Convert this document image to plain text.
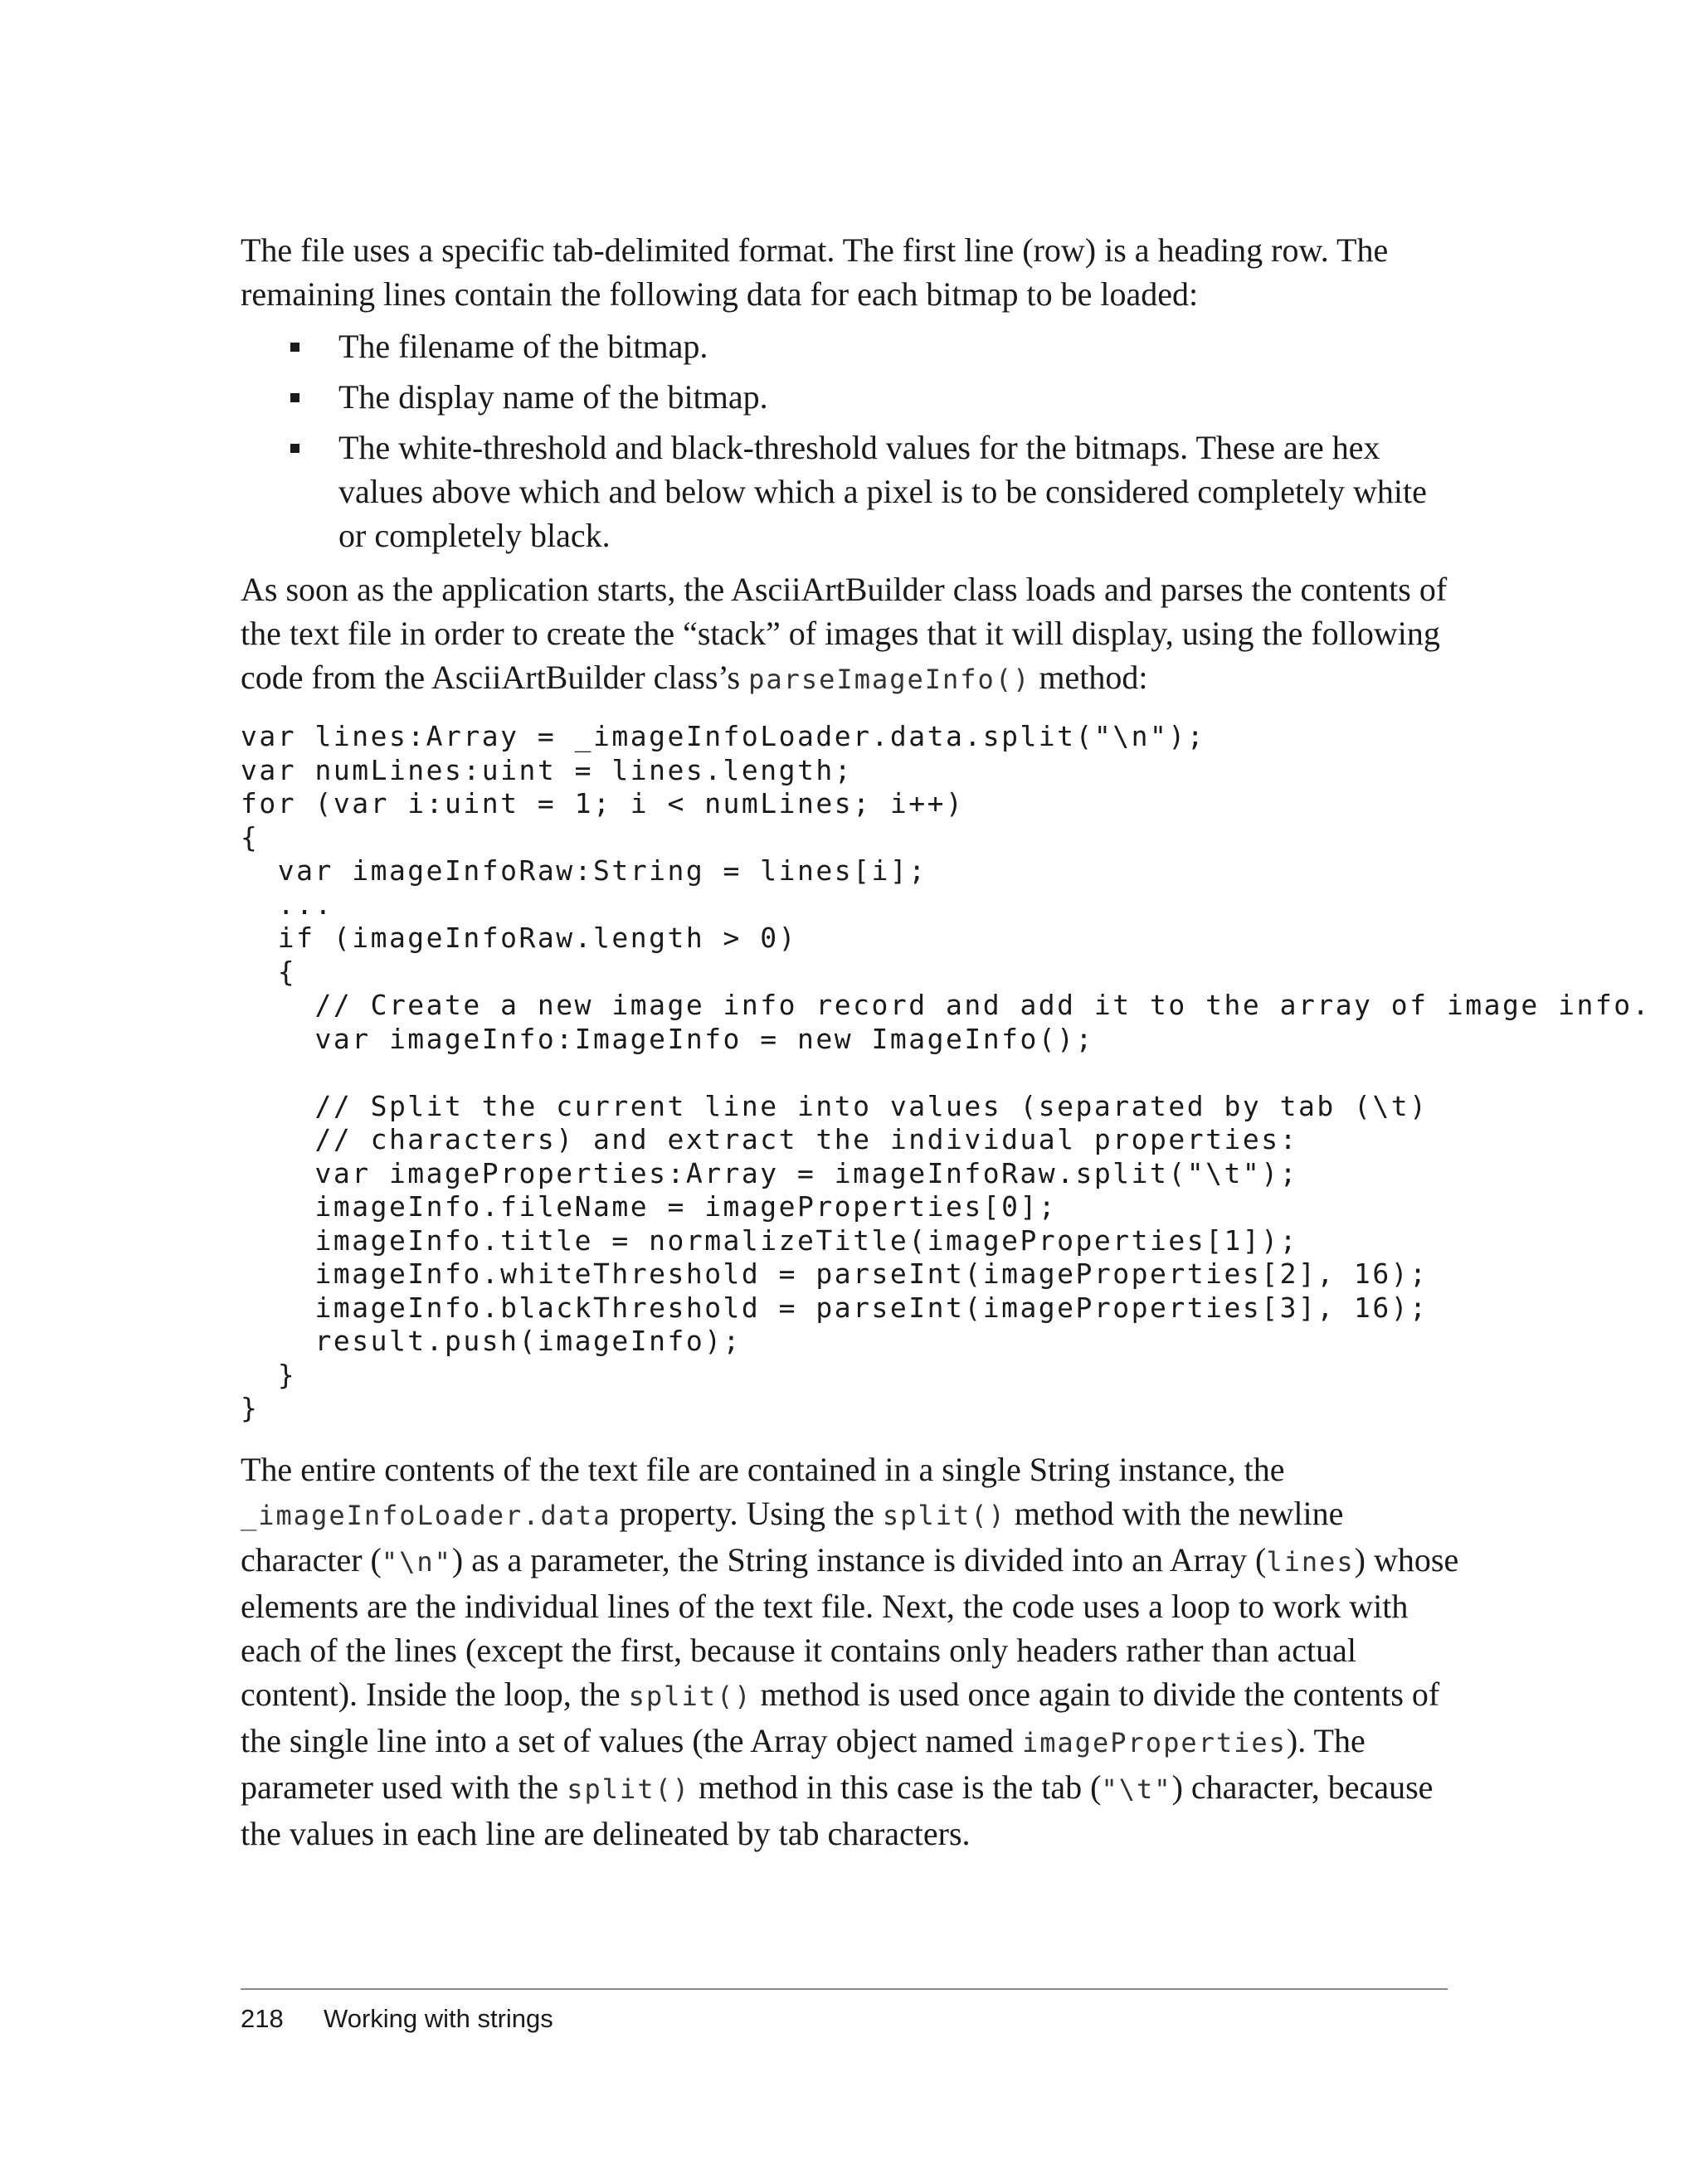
The file uses a specific tab-delimited format. The first line (row) is a heading row. The remaining lines contain the following data for each bitmap to be loaded:

The filename of the bitmap.
The display name of the bitmap.
The white-threshold and black-threshold values for the bitmaps. These are hex values above which and below which a pixel is to be considered completely white or completely black.

As soon as the application starts, the AsciiArtBuilder class loads and parses the contents of the text file in order to create the “stack” of images that it will display, using the following code from the AsciiArtBuilder class’s parseImageInfo() method:

var lines:Array = _imageInfoLoader.data.split("\n");
var numLines:uint = lines.length;
for (var i:uint = 1; i < numLines; i++)
{
var imageInfoRaw:String = lines[i];
...
if (imageInfoRaw.length > 0)
{
// Create a new image info record and add it to the array of image info.
var imageInfo:ImageInfo = new ImageInfo();

// Split the current line into values (separated by tab (\t)
// characters) and extract the individual properties:
var imageProperties:Array = imageInfoRaw.split("\t");
imageInfo.fileName = imageProperties[0];
imageInfo.title = normalizeTitle(imageProperties[1]);
imageInfo.whiteThreshold = parseInt(imageProperties[2], 16);
imageInfo.blackThreshold = parseInt(imageProperties[3], 16);
result.push(imageInfo);
}
}

The entire contents of the text file are contained in a single String instance, the _imageInfoLoader.data property. Using the split() method with the newline character ("\n") as a parameter, the String instance is divided into an Array (lines) whose elements are the individual lines of the text file. Next, the code uses a loop to work with each of the lines (except the first, because it contains only headers rather than actual content). Inside the loop, the split() method is used once again to divide the contents of the single line into a set of values (the Array object named imageProperties). The parameter used with the split() method in this case is the tab ("\t") character, because the values in each line are delineated by tab characters.

218 Working with strings
